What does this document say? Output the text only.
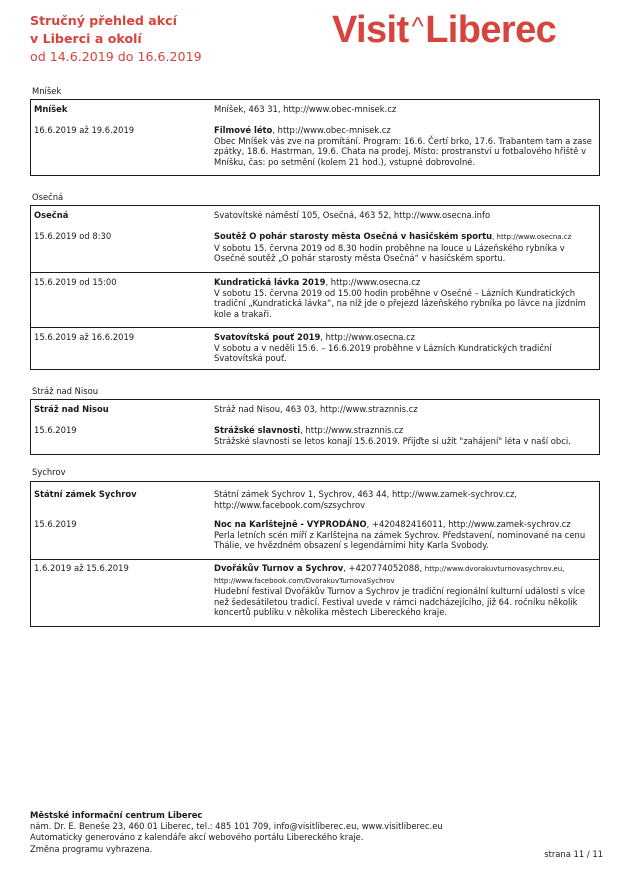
Stručný přehled akcí
v Liberci a okolí
od 14.6.2019 do 16.6.2019
Visit ^Liberec
Mníšek
Mníšek	Mníšek, 463 31, http://www.obec-mnisek.cz
16.6.2019 až 19.6.2019	Filmové léto, http://www.obec-mnisek.cz
Obec Mníšek vás zve na promítání. Program: 16.6. Čertí brko, 17.6. Trabantem tam a zase zpátky, 18.6. Hastrman, 19.6. Chata na prodej. Místo: prostranství u fotbalového hřiště v Mníšku, čas: po setmění (kolem 21 hod.), vstupné dobrovolné.
Osečná
Osečná	Svatovítské náměstí 105, Osečná, 463 52, http://www.osecna.info
15.6.2019 od 8:30	Soutěž O pohár starosty města Osečná v hasičském sportu, http://www.osecna.cz
V sobotu 15. června 2019 od 8.30 hodin proběhne na louce u Lázeňského rybníka v Osečné soutěž „O pohár starosty města Osečná“ v hasičském sportu.
15.6.2019 od 15:00	Kundratická lávka 2019, http://www.osecna.cz
V sobotu 15. června 2019 od 15.00 hodin proběhne v Osečné – Lázních Kundratických tradiční „Kundratická lávka“, na níž jde o přejezd lázeňského rybníka po lávce na jízdním kole a trakaři.
15.6.2019 až 16.6.2019	Svatovítská pouť 2019, http://www.osecna.cz
V sobotu a v neděli 15.6. – 16.6.2019 proběhne v Lázních Kundratických tradiční Svatovítská pouť.
Stráž nad Nisou
Stráž nad Nisou	Stráž nad Nisou, 463 03, http://www.straznnis.cz
15.6.2019	Strážské slavnosti, http://www.straznnis.cz
Strážské slavnosti se letos konají 15.6.2019. Přijďte si užít "zahájení" léta v naší obci.
Sychrov
Státní zámek Sychrov	Státní zámek Sychrov 1, Sychrov, 463 44, http://www.zamek-sychrov.cz, http://www.facebook.com/szsychrov
15.6.2019	Noc na Karlštejně - VYPRODÁNO, +420482416011, http://www.zamek-sychrov.cz
Perla letních scén míří z Karlštejna na zámek Sychrov. Představení, nominované na cenu Thálie, ve hvězdném obsazení s legendárními hity Karla Svobody.
1.6.2019 až 15.6.2019	Dvořákův Turnov a Sychrov, +420774052088, http://www.dvorakuvturnovasychrov.eu,
http://www.facebook.com/DvorakuvTurnovaSychrov
Hudební festival Dvořákův Turnov a Sychrov je tradiční regionální kulturní událostí s více než šedesátiletou tradicí. Festival uvede v rámci nadcházejícího, již 64. ročníku několik koncertů publiku v několika městech Libereckého kraje.
Městské informační centrum Liberec
nám. Dr. E. Beneše 23, 460 01 Liberec, tel.: 485 101 709, info@visitliberec.eu, www.visitliberec.eu
Automaticky generováno z kalendáře akcí webového portálu Libereckého kraje.
Změna programu vyhrazena.
strana 11 / 11
